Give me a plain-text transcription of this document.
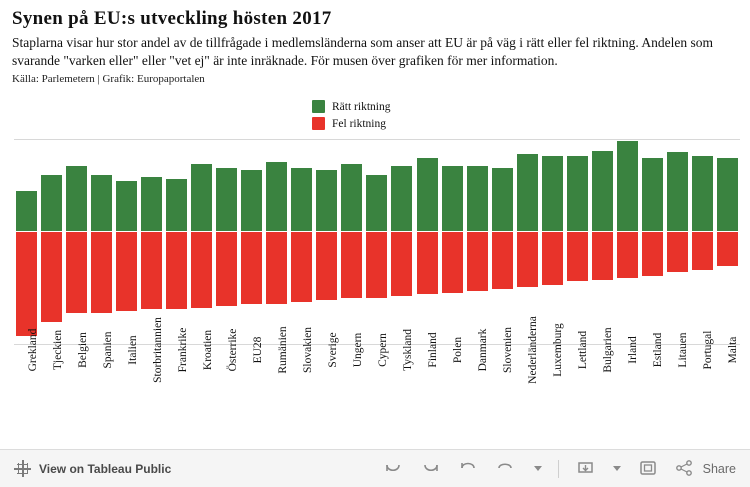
Synen på EU:s utveckling hösten 2017
Staplarna visar hur stor andel av de tillfrågade i medlemsländerna som anser att EU är på väg i rätt eller fel riktning. Andelen som svarande "varken eller" eller "vet ej" är inte inräknade. För musen över grafiken för mer information.
Källa: Parlemetern | Grafik: Europaportalen
Rätt riktning
Fel riktning
Grekland Tjeckien Belgien Spanien Italien Storbritannien Frankrike Kroatien Österrike EU28 Rumänien Slovakien Sverige Ungern Cypern Tyskland Finland Polen Danmark Slovenien Nederländerna Luxemburg Lettland Bulgarien Irland Estland Litauen Portugal Malta
View on Tableau Public	Share
